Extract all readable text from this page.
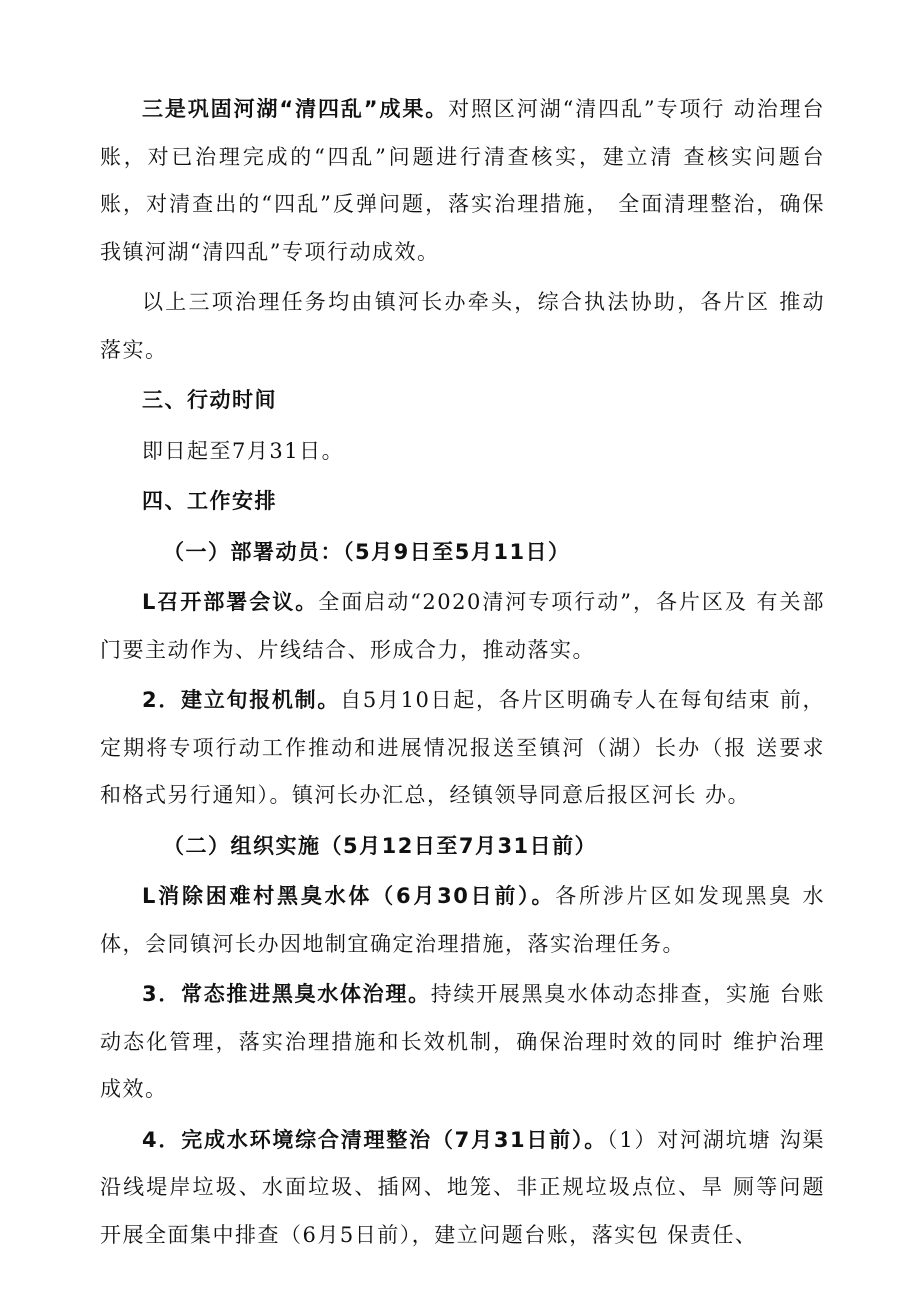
三是巩固河湖“清四乱”成果。对照区河湖“清四乱”专项行 动治理台账，对已治理完成的“四乱”问题进行清查核实，建立清 查核实问题台账，对清查出的“四乱”反弹问题，落实治理措施， 全面清理整治，确保我镇河湖“清四乱”专项行动成效。

以上三项治理任务均由镇河长办牵头，综合执法协助，各片区 推动落实。

三、行动时间

即日起至7月31日。

四、工作安排

（一）部署动员：（5月9日至5月11日）

L召开部署会议。全面启动“2020清河专项行动”，各片区及 有关部门要主动作为、片线结合、形成合力，推动落实。

2．建立旬报机制。自5月10日起，各片区明确专人在每旬结束 前，定期将专项行动工作推动和进展情况报送至镇河（湖）长办（报 送要求和格式另行通知）。镇河长办汇总，经镇领导同意后报区河长 办。

（二）组织实施（5月12日至7月31日前）

L消除困难村黑臭水体（6月30日前）。各所涉片区如发现黑臭 水体，会同镇河长办因地制宜确定治理措施，落实治理任务。

3．常态推进黑臭水体治理。持续开展黑臭水体动态排查，实施 台账动态化管理，落实治理措施和长效机制，确保治理时效的同时 维护治理成效。

4．完成水环境综合清理整治（7月31日前）。（1）对河湖坑塘 沟渠沿线堤岸垃圾、水面垃圾、插网、地笼、非正规垃圾点位、旱 厕等问题开展全面集中排查（6月5日前），建立问题台账，落实包 保责任、
